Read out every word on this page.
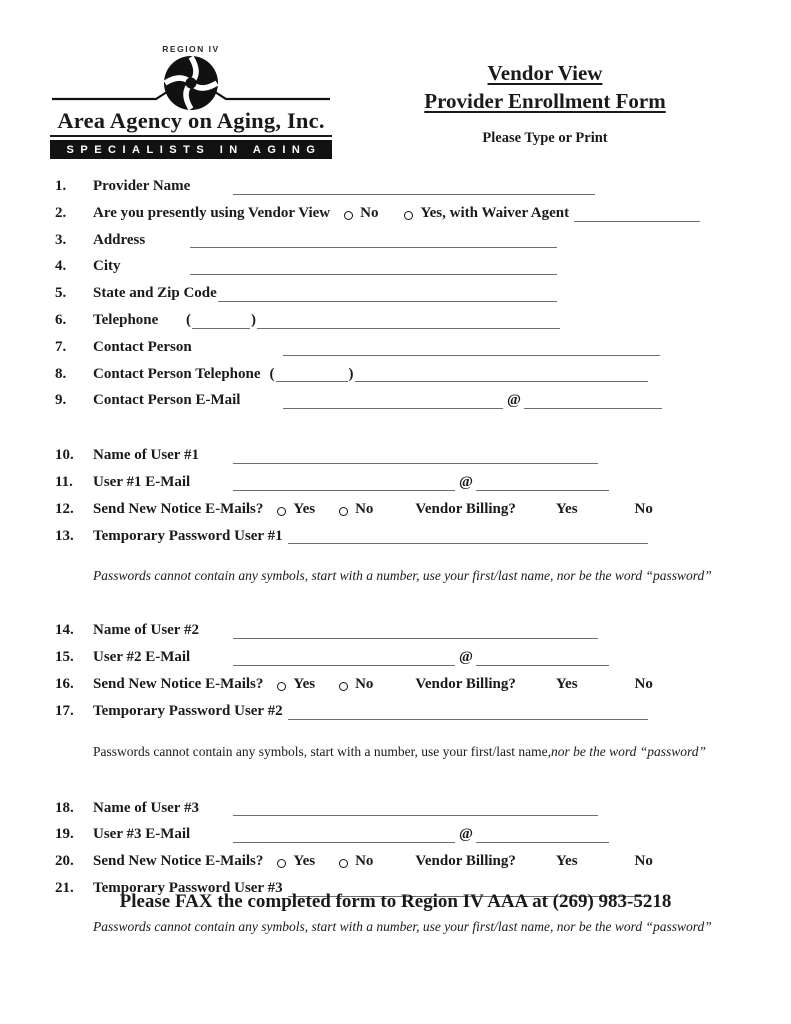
REGION IV
Area Agency on Aging, Inc.
SPECIALISTS IN AGING
Vendor View
Provider Enrollment Form
Please Type or Print
1.	Provider Name
2.	Are you presently using Vendor View No	Yes, with Waiver Agent
3.	Address
4.	City
5.	State and Zip Code
6.	Telephone	(	)
7.	Contact Person
8.	Contact Person Telephone (	)
9.	Contact Person E-Mail	@
10.	Name of User #1
11.	User #1 E-Mail	@
12.	Send New Notice E-Mails? Yes	No	Vendor Billing?	Yes	No
13.	Temporary Password User #1
Passwords cannot contain any symbols, start with a number, use your first/last name, nor be the word “password”
14.	Name of User #2
15.	User #2 E-Mail	@
16.	Send New Notice E-Mails? Yes	No	Vendor Billing?	Yes	No
17.	Temporary Password User #2
Passwords cannot contain any symbols, start with a number, use your first/last name, nor be the word “password”
18.	Name of User #3
19.	User #3 E-Mail	@
20.	Send New Notice E-Mails? Yes	No	Vendor Billing?	Yes	No
21.	Temporary Password User #3
Passwords cannot contain any symbols, start with a number, use your first/last name, nor be the word “password”
Please FAX the completed form to Region IV AAA at (269) 983-5218
